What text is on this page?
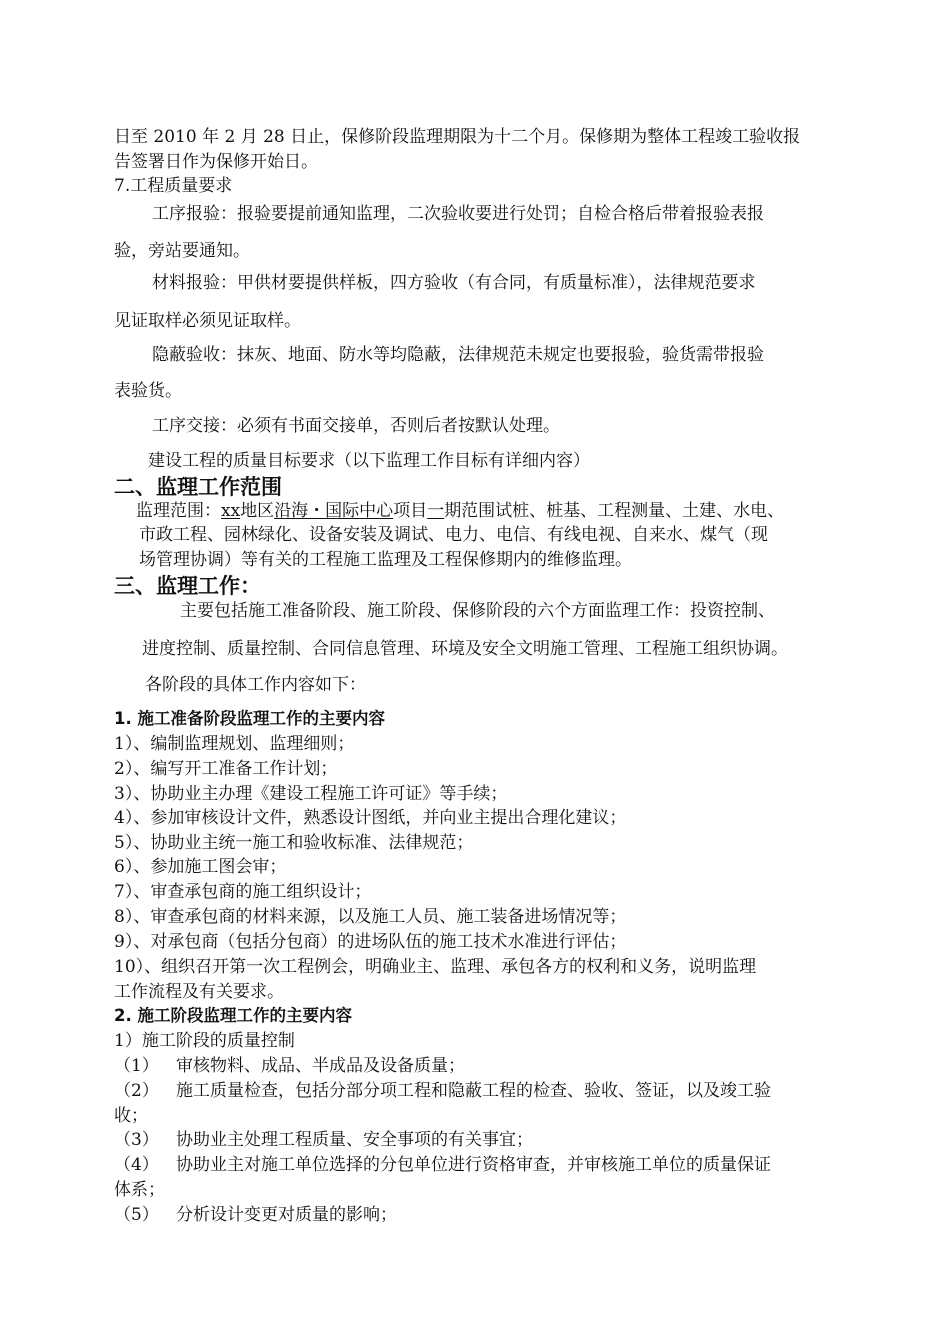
日至 2010 年 2 月 28 日止，保修阶段监理期限为十二个月。保修期为整体工程竣工验收报
告签署日作为保修开始日。
7.工程质量要求
工序报验：报验要提前通知监理，二次验收要进行处罚；自检合格后带着报验表报
验，旁站要通知。
材料报验：甲供材要提供样板，四方验收（有合同，有质量标准），法律规范要求
见证取样必须见证取样。
隐蔽验收：抹灰、地面、防水等均隐蔽，法律规范未规定也要报验，验货需带报验
表验货。
工序交接：必须有书面交接单，否则后者按默认处理。
建设工程的质量目标要求（以下监理工作目标有详细内容）
二、监理工作范围
监理范围：xx地区沿海・国际中心项目一期范围试桩、桩基、工程测量、土建、水电、
市政工程、园林绿化、设备安装及调试、电力、电信、有线电视、自来水、煤气（现
场管理协调）等有关的工程施工监理及工程保修期内的维修监理。
三、监理工作：
主要包括施工准备阶段、施工阶段、保修阶段的六个方面监理工作：投资控制、
进度控制、质量控制、合同信息管理、环境及安全文明施工管理、工程施工组织协调。
各阶段的具体工作内容如下：
1. 施工准备阶段监理工作的主要内容
1）、编制监理规划、监理细则；
2）、编写开工准备工作计划；
3）、协助业主办理《建设工程施工许可证》等手续；
4）、参加审核设计文件，熟悉设计图纸，并向业主提出合理化建议；
5）、协助业主统一施工和验收标准、法律规范；
6）、参加施工图会审；
7）、审查承包商的施工组织设计；
8）、审查承包商的材料来源，以及施工人员、施工装备进场情况等；
9）、对承包商（包括分包商）的进场队伍的施工技术水准进行评估；
10）、组织召开第一次工程例会，明确业主、监理、承包各方的权利和义务，说明监理
工作流程及有关要求。
2. 施工阶段监理工作的主要内容
1）施工阶段的质量控制
（1） 审核物料、成品、半成品及设备质量；
（2） 施工质量检查，包括分部分项工程和隐蔽工程的检查、验收、签证，以及竣工验
收；
（3） 协助业主处理工程质量、安全事项的有关事宜；
（4） 协助业主对施工单位选择的分包单位进行资格审查，并审核施工单位的质量保证
体系；
（5） 分析设计变更对质量的影响；
